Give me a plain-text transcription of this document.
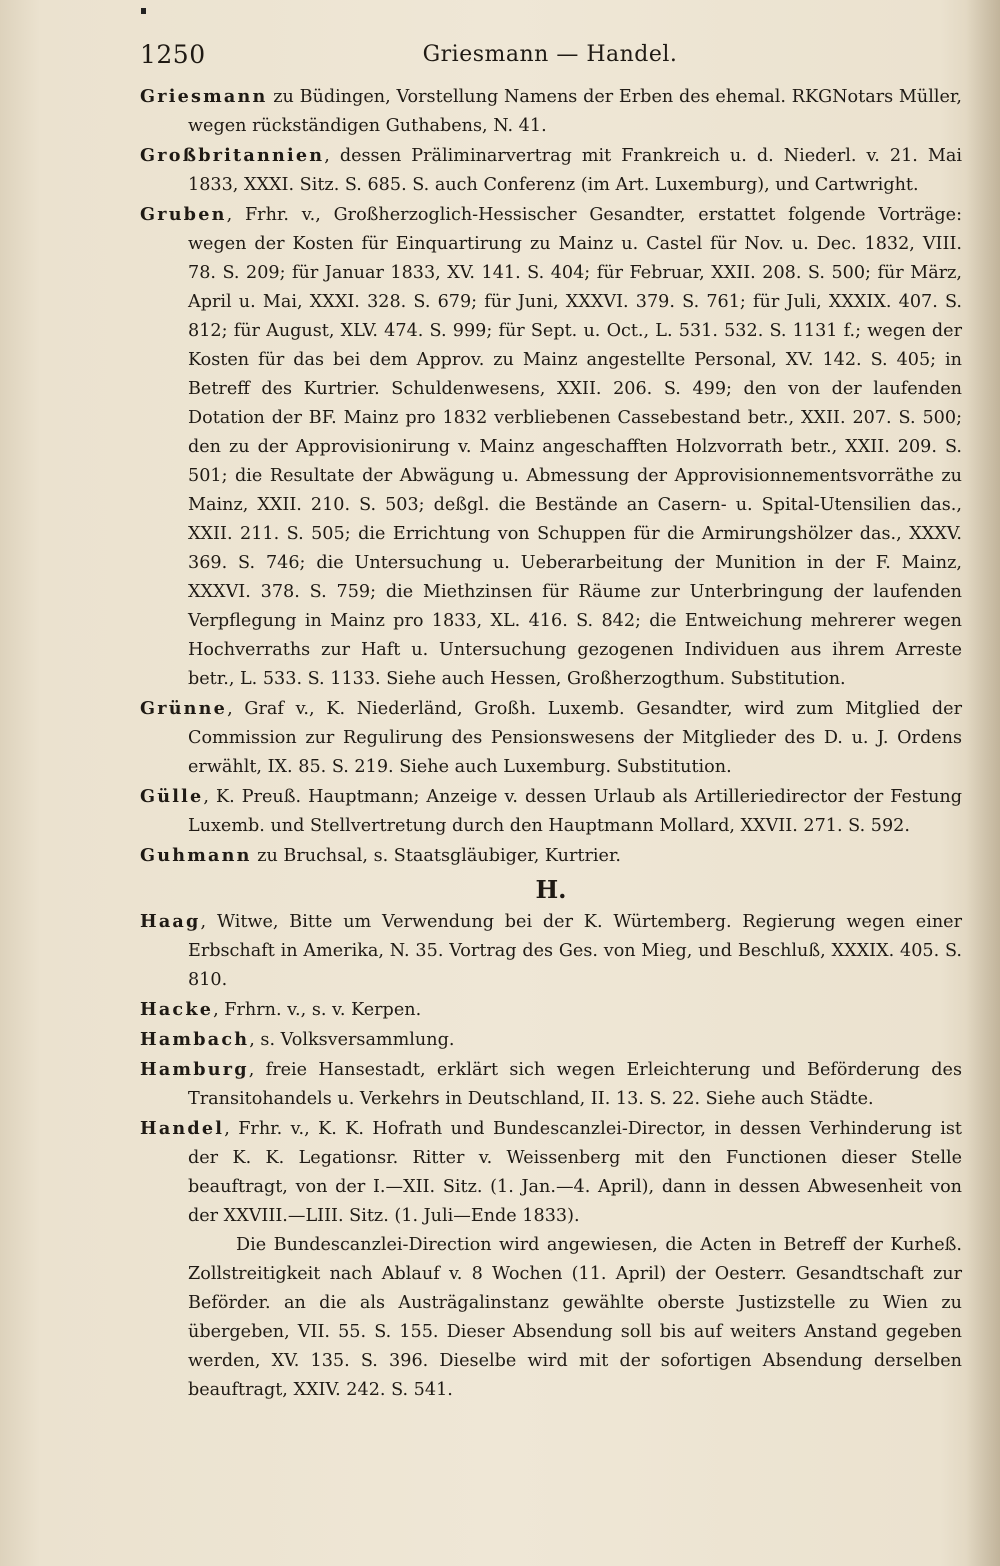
1250	Griesmann — Handel.

Griesmann zu Büdingen, Vorstellung Namens der Erben des ehemal. RKGNotars Müller, wegen rückständigen Guthabens, N. 41.

Großbritannien, dessen Präliminarvertrag mit Frankreich u. d. Niederl. v. 21. Mai 1833, XXXI. Sitz. S. 685. S. auch Conferenz (im Art. Luxemburg), und Cartwright.

Gruben, Frhr. v., Großherzoglich-Hessischer Gesandter, erstattet folgende Vorträge: wegen der Kosten für Einquartirung zu Mainz u. Castel für Nov. u. Dec. 1832, VIII. 78. S. 209; für Januar 1833, XV. 141. S. 404; für Februar, XXII. 208. S. 500; für März, April u. Mai, XXXI. 328. S. 679; für Juni, XXXVI. 379. S. 761; für Juli, XXXIX. 407. S. 812; für August, XLV. 474. S. 999; für Sept. u. Oct., L. 531. 532. S. 1131 f.; wegen der Kosten für das bei dem Approv. zu Mainz angestellte Personal, XV. 142. S. 405; in Betreff des Kurtrier. Schuldenwesens, XXII. 206. S. 499; den von der laufenden Dotation der BF. Mainz pro 1832 verbliebenen Cassebestand betr., XXII. 207. S. 500; den zu der Approvisionirung v. Mainz angeschafften Holzvorrath betr., XXII. 209. S. 501; die Resultate der Abwägung u. Abmessung der Approvisionnementsvorräthe zu Mainz, XXII. 210. S. 503; deßgl. die Bestände an Casern- u. Spital-Utensilien das., XXII. 211. S. 505; die Errichtung von Schuppen für die Armirungshölzer das., XXXV. 369. S. 746; die Untersuchung u. Ueberarbeitung der Munition in der F. Mainz, XXXVI. 378. S. 759; die Miethzinsen für Räume zur Unterbringung der laufenden Verpflegung in Mainz pro 1833, XL. 416. S. 842; die Entweichung mehrerer wegen Hochverraths zur Haft u. Untersuchung gezogenen Individuen aus ihrem Arreste betr., L. 533. S. 1133. Siehe auch Hessen, Großherzogthum. Substitution.

Grünne, Graf v., K. Niederländ, Großh. Luxemb. Gesandter, wird zum Mitglied der Commission zur Regulirung des Pensionswesens der Mitglieder des D. u. J. Ordens erwählt, IX. 85. S. 219. Siehe auch Luxemburg. Substitution.

Gülle, K. Preuß. Hauptmann; Anzeige v. dessen Urlaub als Artilleriedirector der Festung Luxemb. und Stellvertretung durch den Hauptmann Mollard, XXVII. 271. S. 592.

Guhmann zu Bruchsal, s. Staatsgläubiger, Kurtrier.

H.

Haag, Witwe, Bitte um Verwendung bei der K. Würtemberg. Regierung wegen einer Erbschaft in Amerika, N. 35. Vortrag des Ges. von Mieg, und Beschluß, XXXIX. 405. S. 810.

Hacke, Frhrn. v., s. v. Kerpen.

Hambach, s. Volksversammlung.

Hamburg, freie Hansestadt, erklärt sich wegen Erleichterung und Beförderung des Transitohandels u. Verkehrs in Deutschland, II. 13. S. 22. Siehe auch Städte.

Handel, Frhr. v., K. K. Hofrath und Bundescanzlei-Director, in dessen Verhinderung ist der K. K. Legationsr. Ritter v. Weissenberg mit den Functionen dieser Stelle beauftragt, von der I.—XII. Sitz. (1. Jan.—4. April), dann in dessen Abwesenheit von der XXVIII.—LIII. Sitz. (1. Juli—Ende 1833).

Die Bundescanzlei-Direction wird angewiesen, die Acten in Betreff der Kurheß. Zollstreitigkeit nach Ablauf v. 8 Wochen (11. April) der Oesterr. Gesandtschaft zur Beförder. an die als Austrägalinstanz gewählte oberste Justizstelle zu Wien zu übergeben, VII. 55. S. 155. Dieser Absendung soll bis auf weiters Anstand gegeben werden, XV. 135. S. 396. Dieselbe wird mit der sofortigen Absendung derselben beauftragt, XXIV. 242. S. 541.
